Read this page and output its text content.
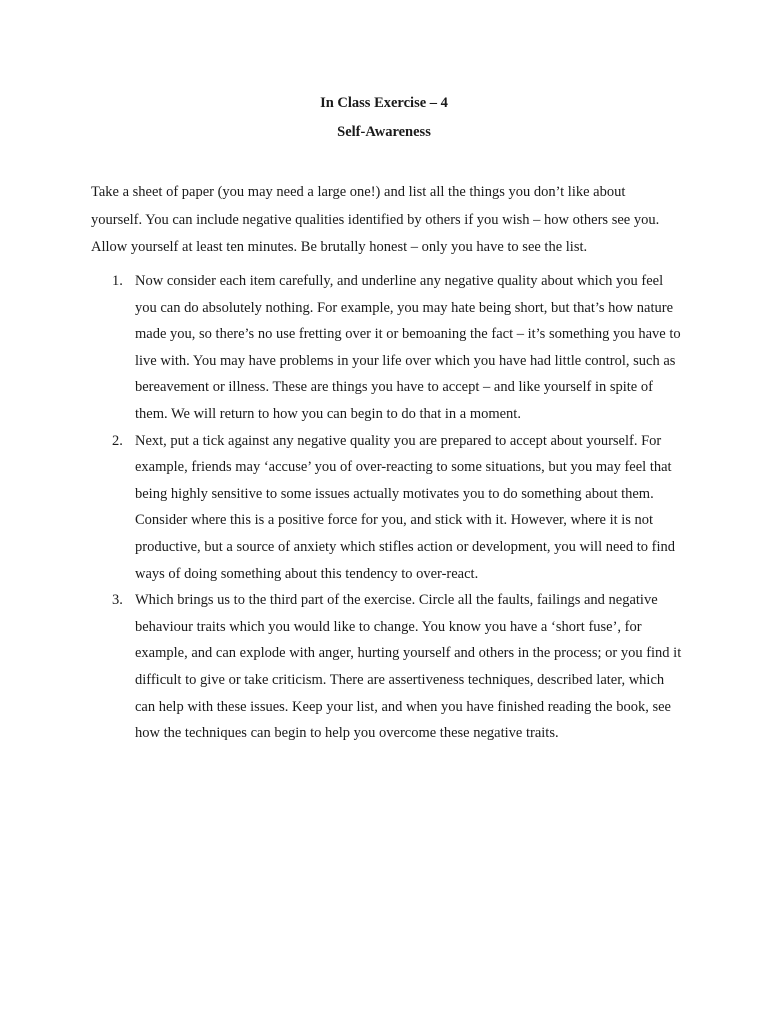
In Class Exercise – 4
Self-Awareness

Take a sheet of paper (you may need a large one!) and list all the things you don’t like about yourself. You can include negative qualities identified by others if you wish – how others see you. Allow yourself at least ten minutes. Be brutally honest – only you have to see the list.

1. Now consider each item carefully, and underline any negative quality about which you feel you can do absolutely nothing. For example, you may hate being short, but that’s how nature made you, so there’s no use fretting over it or bemoaning the fact – it’s something you have to live with. You may have problems in your life over which you have had little control, such as bereavement or illness. These are things you have to accept – and like yourself in spite of them. We will return to how you can begin to do that in a moment.
2. Next, put a tick against any negative quality you are prepared to accept about yourself. For example, friends may ‘accuse’ you of over-reacting to some situations, but you may feel that being highly sensitive to some issues actually motivates you to do something about them. Consider where this is a positive force for you, and stick with it. However, where it is not productive, but a source of anxiety which stifles action or development, you will need to find ways of doing something about this tendency to over-react.
3. Which brings us to the third part of the exercise. Circle all the faults, failings and negative behaviour traits which you would like to change. You know you have a ‘short fuse’, for example, and can explode with anger, hurting yourself and others in the process; or you find it difficult to give or take criticism. There are assertiveness techniques, described later, which can help with these issues. Keep your list, and when you have finished reading the book, see how the techniques can begin to help you overcome these negative traits.
